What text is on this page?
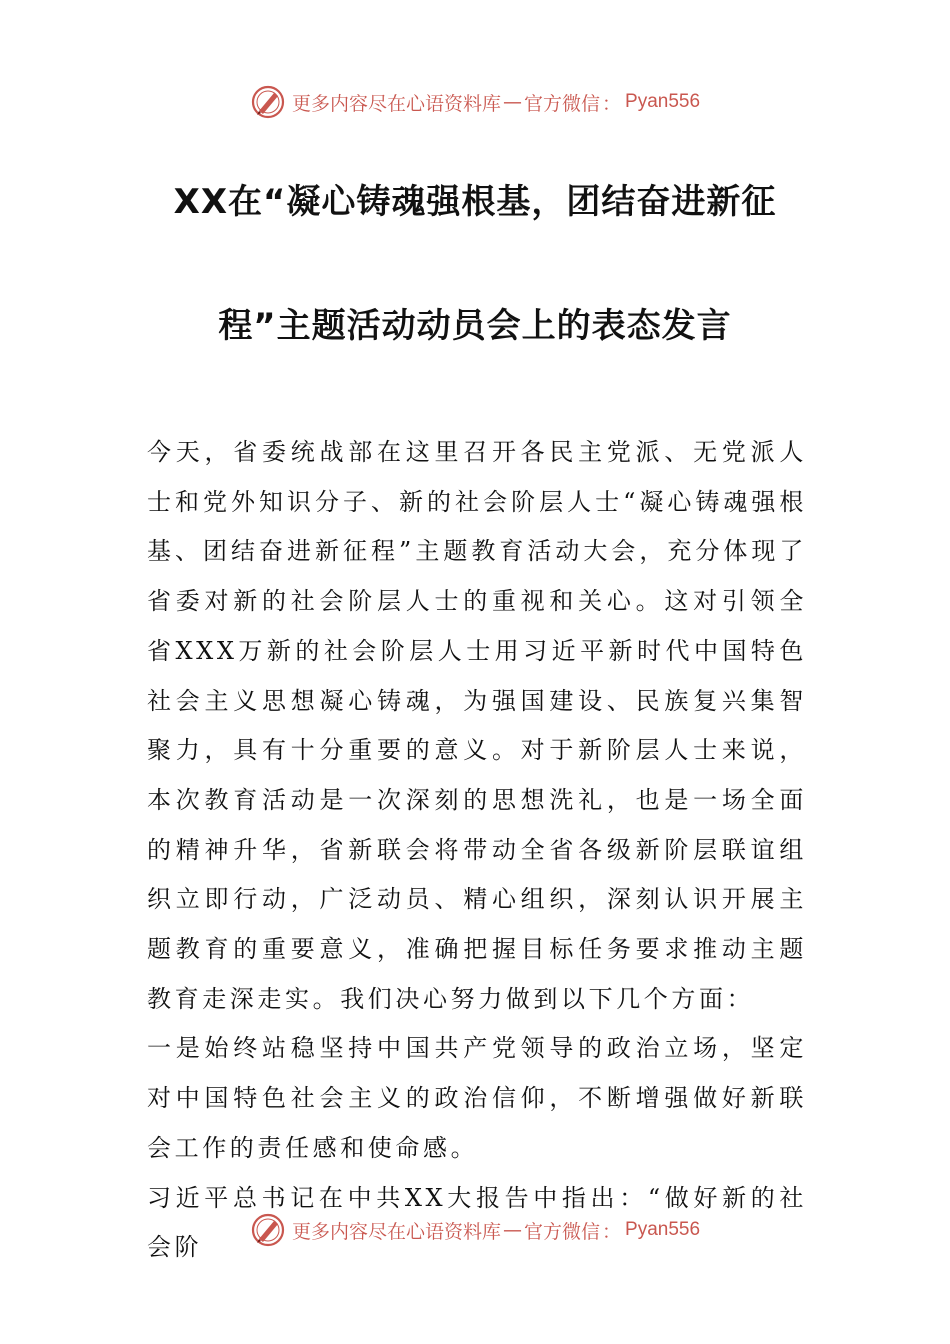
更多内容尽在心语资料库 — 官方微信 ： Pyan556
XX在“凝心铸魂强根基，团结奋进新征
程”主题活动动员会上的表态发言

今天，省委统战部在这里召开各民主党派、无党派人士和党外知识分子、新的社会阶层人士“凝心铸魂强根基、团结奋进新征程”主题教育活动大会，充分体现了省委对新的社会阶层人士的重视和关心。这对引领全省XXX万新的社会阶层人士用习近平新时代中国特色社会主义思想凝心铸魂，为强国建设、民族复兴集智聚力，具有十分重要的意义。对于新阶层人士来说，本次教育活动是一次深刻的思想洗礼，也是一场全面的精神升华，省新联会将带动全省各级新阶层联谊组织立即行动，广泛动员、精心组织，深刻认识开展主题教育的重要意义，准确把握目标任务要求推动主题教育走深走实。我们决心努力做到以下几个方面：

一是始终站稳坚持中国共产党领导的政治立场，坚定对中国特色社会主义的政治信仰，不断增强做好新联会工作的责任感和使命感。

习近平总书记在中共XX大报告中指出：“做好新的社会阶

更多内容尽在心语资料库 — 官方微信 ： Pyan556
